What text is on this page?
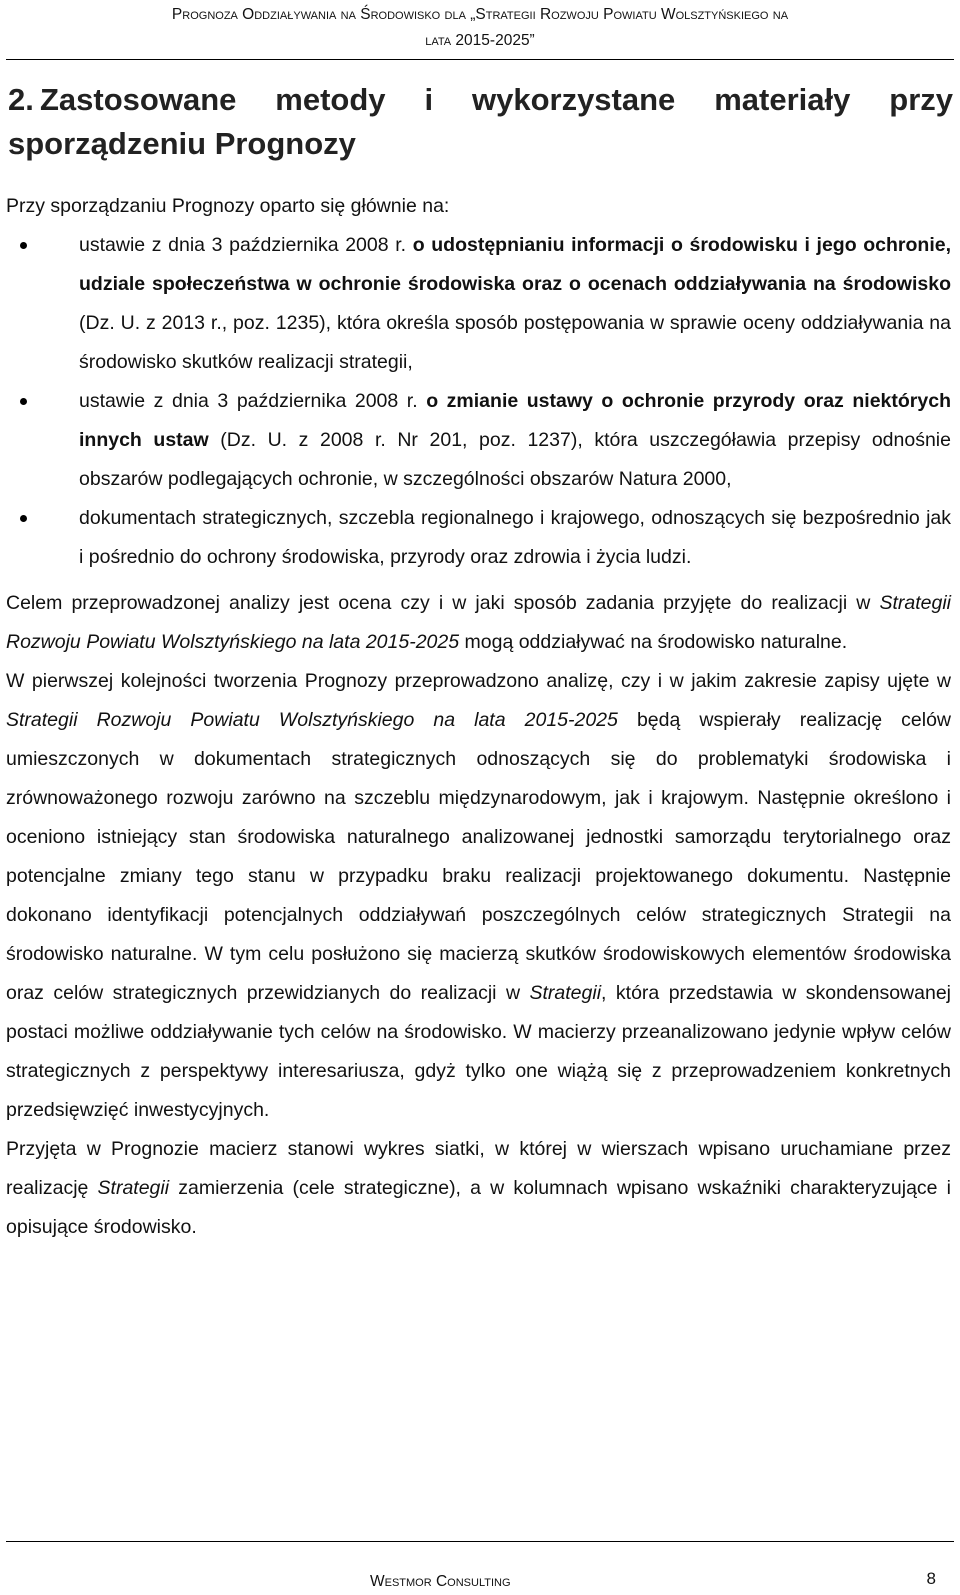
Prognoza Oddziaływania na Środowisko dla „Strategii Rozwoju Powiatu Wolsztyńskiego na
lata 2015-2025”
2. Zastosowane metody i wykorzystane materiały przy sporządzeniu Prognozy

Przy sporządzaniu Prognozy oparto się głównie na:

ustawie z dnia 3 października 2008 r. o udostępnianiu informacji o środowisku i jego ochronie, udziale społeczeństwa w ochronie środowiska oraz o ocenach oddziaływania na środowisko (Dz. U. z 2013 r., poz. 1235), która określa sposób postępowania w sprawie oceny oddziaływania na środowisko skutków realizacji strategii,
ustawie z dnia 3 października 2008 r. o zmianie ustawy o ochronie przyrody oraz niektórych innych ustaw (Dz. U. z 2008 r. Nr 201, poz. 1237), która uszczegóławia przepisy odnośnie obszarów podlegających ochronie, w szczególności obszarów Natura 2000,
dokumentach strategicznych, szczebla regionalnego i krajowego, odnoszących się bezpośrednio jak i pośrednio do ochrony środowiska, przyrody oraz zdrowia i życia ludzi.

Celem przeprowadzonej analizy jest ocena czy i w jaki sposób zadania przyjęte do realizacji w Strategii Rozwoju Powiatu Wolsztyńskiego na lata 2015-2025 mogą oddziaływać na środowisko naturalne.

W pierwszej kolejności tworzenia Prognozy przeprowadzono analizę, czy i w jakim zakresie zapisy ujęte w Strategii Rozwoju Powiatu Wolsztyńskiego na lata 2015-2025 będą wspierały realizację celów umieszczonych w dokumentach strategicznych odnoszących się do problematyki środowiska i zrównoważonego rozwoju zarówno na szczeblu międzynarodowym, jak i krajowym. Następnie określono i oceniono istniejący stan środowiska naturalnego analizowanej jednostki samorządu terytorialnego oraz potencjalne zmiany tego stanu w przypadku braku realizacji projektowanego dokumentu. Następnie dokonano identyfikacji potencjalnych oddziaływań poszczególnych celów strategicznych Strategii na środowisko naturalne. W tym celu posłużono się macierzą skutków środowiskowych elementów środowiska oraz celów strategicznych przewidzianych do realizacji w Strategii, która przedstawia w skondensowanej postaci możliwe oddziaływanie tych celów na środowisko. W macierzy przeanalizowano jedynie wpływ celów strategicznych z perspektywy interesariusza, gdyż tylko one wiążą się z przeprowadzeniem konkretnych przedsięwzięć inwestycyjnych.

Przyjęta w Prognozie macierz stanowi wykres siatki, w której w wierszach wpisano uruchamiane przez realizację Strategii zamierzenia (cele strategiczne), a w kolumnach wpisano wskaźniki charakteryzujące i opisujące środowisko.

Westmor Consulting	8
